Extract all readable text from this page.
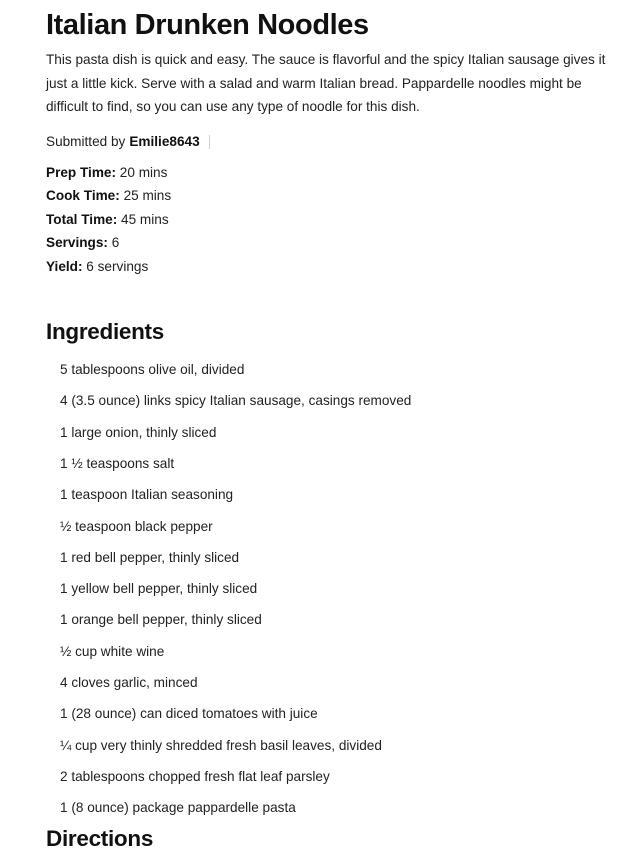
Italian Drunken Noodles

This pasta dish is quick and easy. The sauce is flavorful and the spicy Italian sausage gives it just a little kick. Serve with a salad and warm Italian bread. Pappardelle noodles might be difficult to find, so you can use any type of noodle for this dish.

Submitted by Emilie8643
Prep Time: 20 mins
Cook Time: 25 mins
Total Time: 45 mins
Servings: 6
Yield: 6 servings
Ingredients
5 tablespoons olive oil, divided
4 (3.5 ounce) links spicy Italian sausage, casings removed
1 large onion, thinly sliced
1 ½ teaspoons salt
1 teaspoon Italian seasoning
½ teaspoon black pepper
1 red bell pepper, thinly sliced
1 yellow bell pepper, thinly sliced
1 orange bell pepper, thinly sliced
½ cup white wine
4 cloves garlic, minced
1 (28 ounce) can diced tomatoes with juice
¼ cup very thinly shredded fresh basil leaves, divided
2 tablespoons chopped fresh flat leaf parsley
1 (8 ounce) package pappardelle pasta
Directions
